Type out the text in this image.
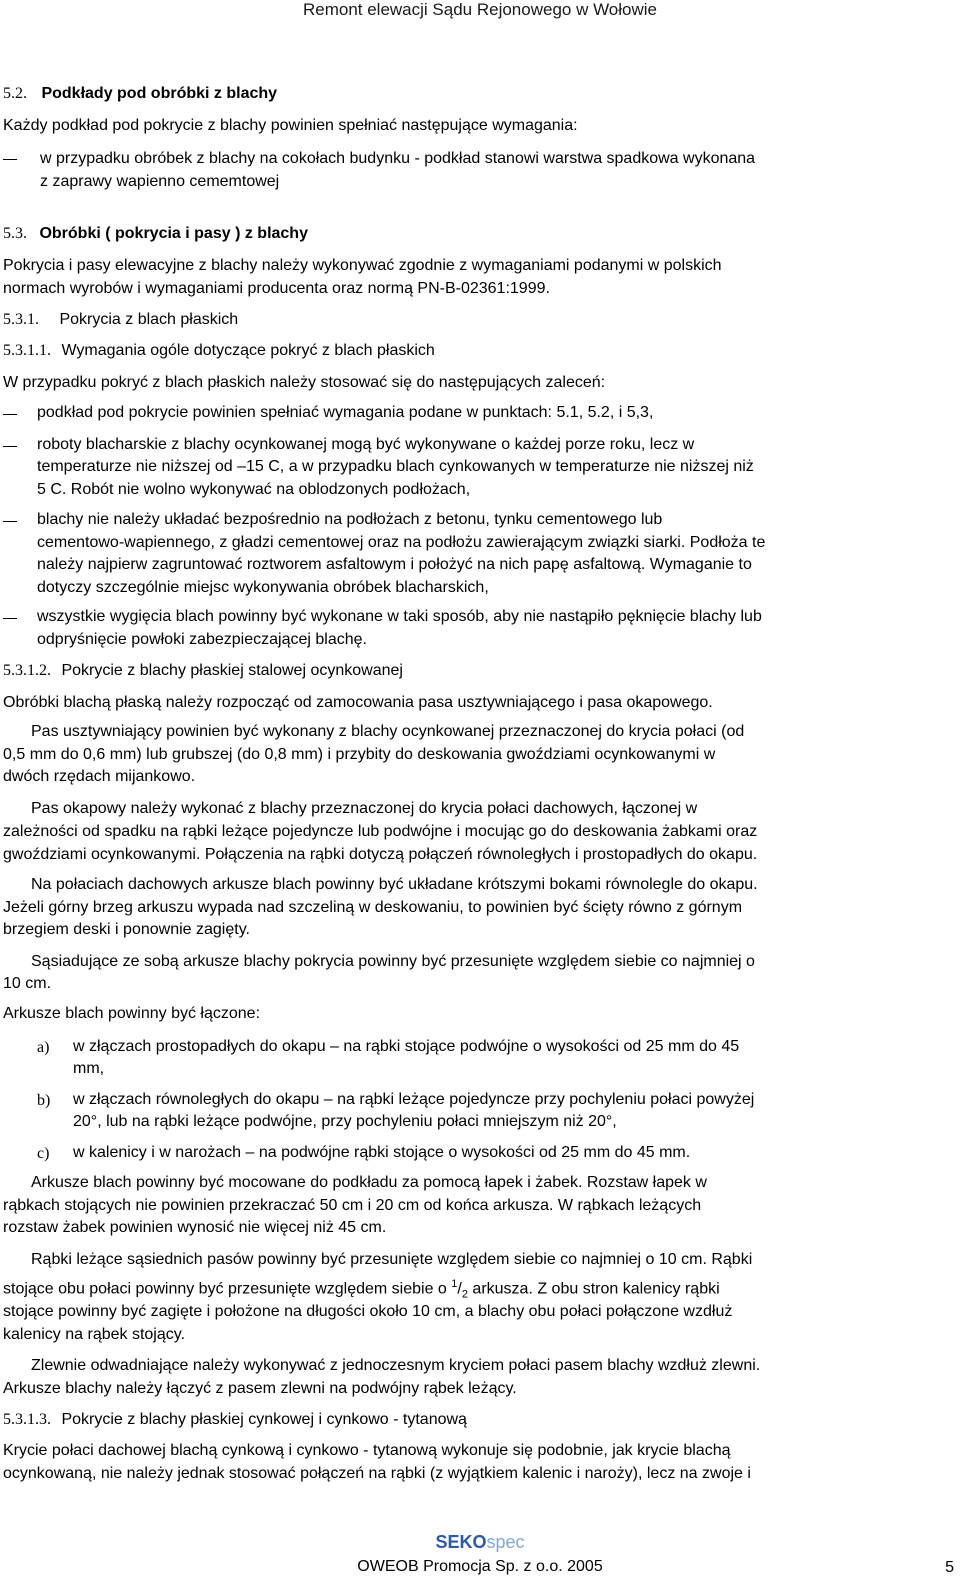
Remont elewacji Sądu Rejonowego w Wołowie
5.2. Podkłady pod obróbki z blachy
Każdy podkład pod pokrycie z blachy powinien spełniać następujące wymagania:
w przypadku obróbek z blachy na cokołach budynku - podkład stanowi warstwa spadkowa wykonana
z zaprawy wapienno cememtowej
5.3. Obróbki ( pokrycia i pasy ) z blachy
Pokrycia i pasy elewacyjne z blachy należy wykonywać zgodnie z wymaganiami podanymi w polskich
normach wyrobów i wymaganiami producenta oraz normą PN-B-02361:1999.
5.3.1. Pokrycia z blach płaskich
5.3.1.1. Wymagania ogóle dotyczące pokryć z blach płaskich
W przypadku pokryć z blach płaskich należy stosować się do następujących zaleceń:
podkład pod pokrycie powinien spełniać wymagania podane w punktach: 5.1, 5.2, i 5,3,
roboty blacharskie z blachy ocynkowanej mogą być wykonywane o każdej porze roku, lecz w
temperaturze nie niższej od –15 C, a w przypadku blach cynkowanych w temperaturze nie niższej niż
5 C. Robót nie wolno wykonywać na oblodzonych podłożach,
blachy nie należy układać bezpośrednio na podłożach z betonu, tynku cementowego lub
cementowo-wapiennego, z gładzi cementowej oraz na podłożu zawierającym związki siarki. Podłoża te
należy najpierw zagruntować roztworem asfaltowym i położyć na nich papę asfaltową. Wymaganie to
dotyczy szczególnie miejsc wykonywania obróbek blacharskich,
wszystkie wygięcia blach powinny być wykonane w taki sposób, aby nie nastąpiło pęknięcie blachy lub
odpryśnięcie powłoki zabezpieczającej blachę.
5.3.1.2. Pokrycie z blachy płaskiej stalowej ocynkowanej
Obróbki blachą płaską należy rozpocząć od zamocowania pasa usztywniającego i pasa okapowego.
Pas usztywniający powinien być wykonany z blachy ocynkowanej przeznaczonej do krycia połaci (od
0,5 mm do 0,6 mm) lub grubszej (do 0,8 mm) i przybity do deskowania gwoździami ocynkowanymi w
dwóch rzędach mijankowo.
Pas okapowy należy wykonać z blachy przeznaczonej do krycia połaci dachowych, łączonej w
zależności od spadku na rąbki leżące pojedyncze lub podwójne i mocując go do deskowania żabkami oraz
gwoździami ocynkowanymi. Połączenia na rąbki dotyczą połączeń równoległych i prostopadłych do okapu.
Na połaciach dachowych arkusze blach powinny być układane krótszymi bokami równolegle do okapu.
Jeżeli górny brzeg arkuszu wypada nad szczeliną w deskowaniu, to powinien być ścięty równo z górnym
brzegiem deski i ponownie zagięty.
Sąsiadujące ze sobą arkusze blachy pokrycia powinny być przesunięte względem siebie co najmniej o
10 cm.
Arkusze blach powinny być łączone:
a) w złączach prostopadłych do okapu – na rąbki stojące podwójne o wysokości od 25 mm do 45
mm,
b) w złączach równoległych do okapu – na rąbki leżące pojedyncze przy pochyleniu połaci powyżej
20°, lub na rąbki leżące podwójne, przy pochyleniu połaci mniejszym niż 20°,
c) w kalenicy i w narożach – na podwójne rąbki stojące o wysokości od 25 mm do 45 mm.
Arkusze blach powinny być mocowane do podkładu za pomocą łapek i żabek. Rozstaw łapek w
rąbkach stojących nie powinien przekraczać 50 cm i 20 cm od końca arkusza. W rąbkach leżących
rozstaw żabek powinien wynosić nie więcej niż 45 cm.
Rąbki leżące sąsiednich pasów powinny być przesunięte względem siebie co najmniej o 10 cm. Rąbki
stojące obu połaci powinny być przesunięte względem siebie o $^1/_2$ arkusza. Z obu stron kalenicy rąbki
stojące powinny być zagięte i położone na długości około 10 cm, a blachy obu połaci połączone wzdłuż
kalenicy na rąbek stojący.
Zlewnie odwadniające należy wykonywać z jednoczesnym kryciem połaci pasem blachy wzdłuż zlewni.
Arkusze blachy należy łączyć z pasem zlewni na podwójny rąbek leżący.
5.3.1.3. Pokrycie z blachy płaskiej cynkowej i cynkowo - tytanową
Krycie połaci dachowej blachą cynkową i cynkowo - tytanową wykonuje się podobnie, jak krycie blachą
ocynkowaną, nie należy jednak stosować połączeń na rąbki (z wyjątkiem kalenic i naroży), lecz na zwoje i
SEKOspec
OWEOB Promocja Sp. z o.o. 2005	5
